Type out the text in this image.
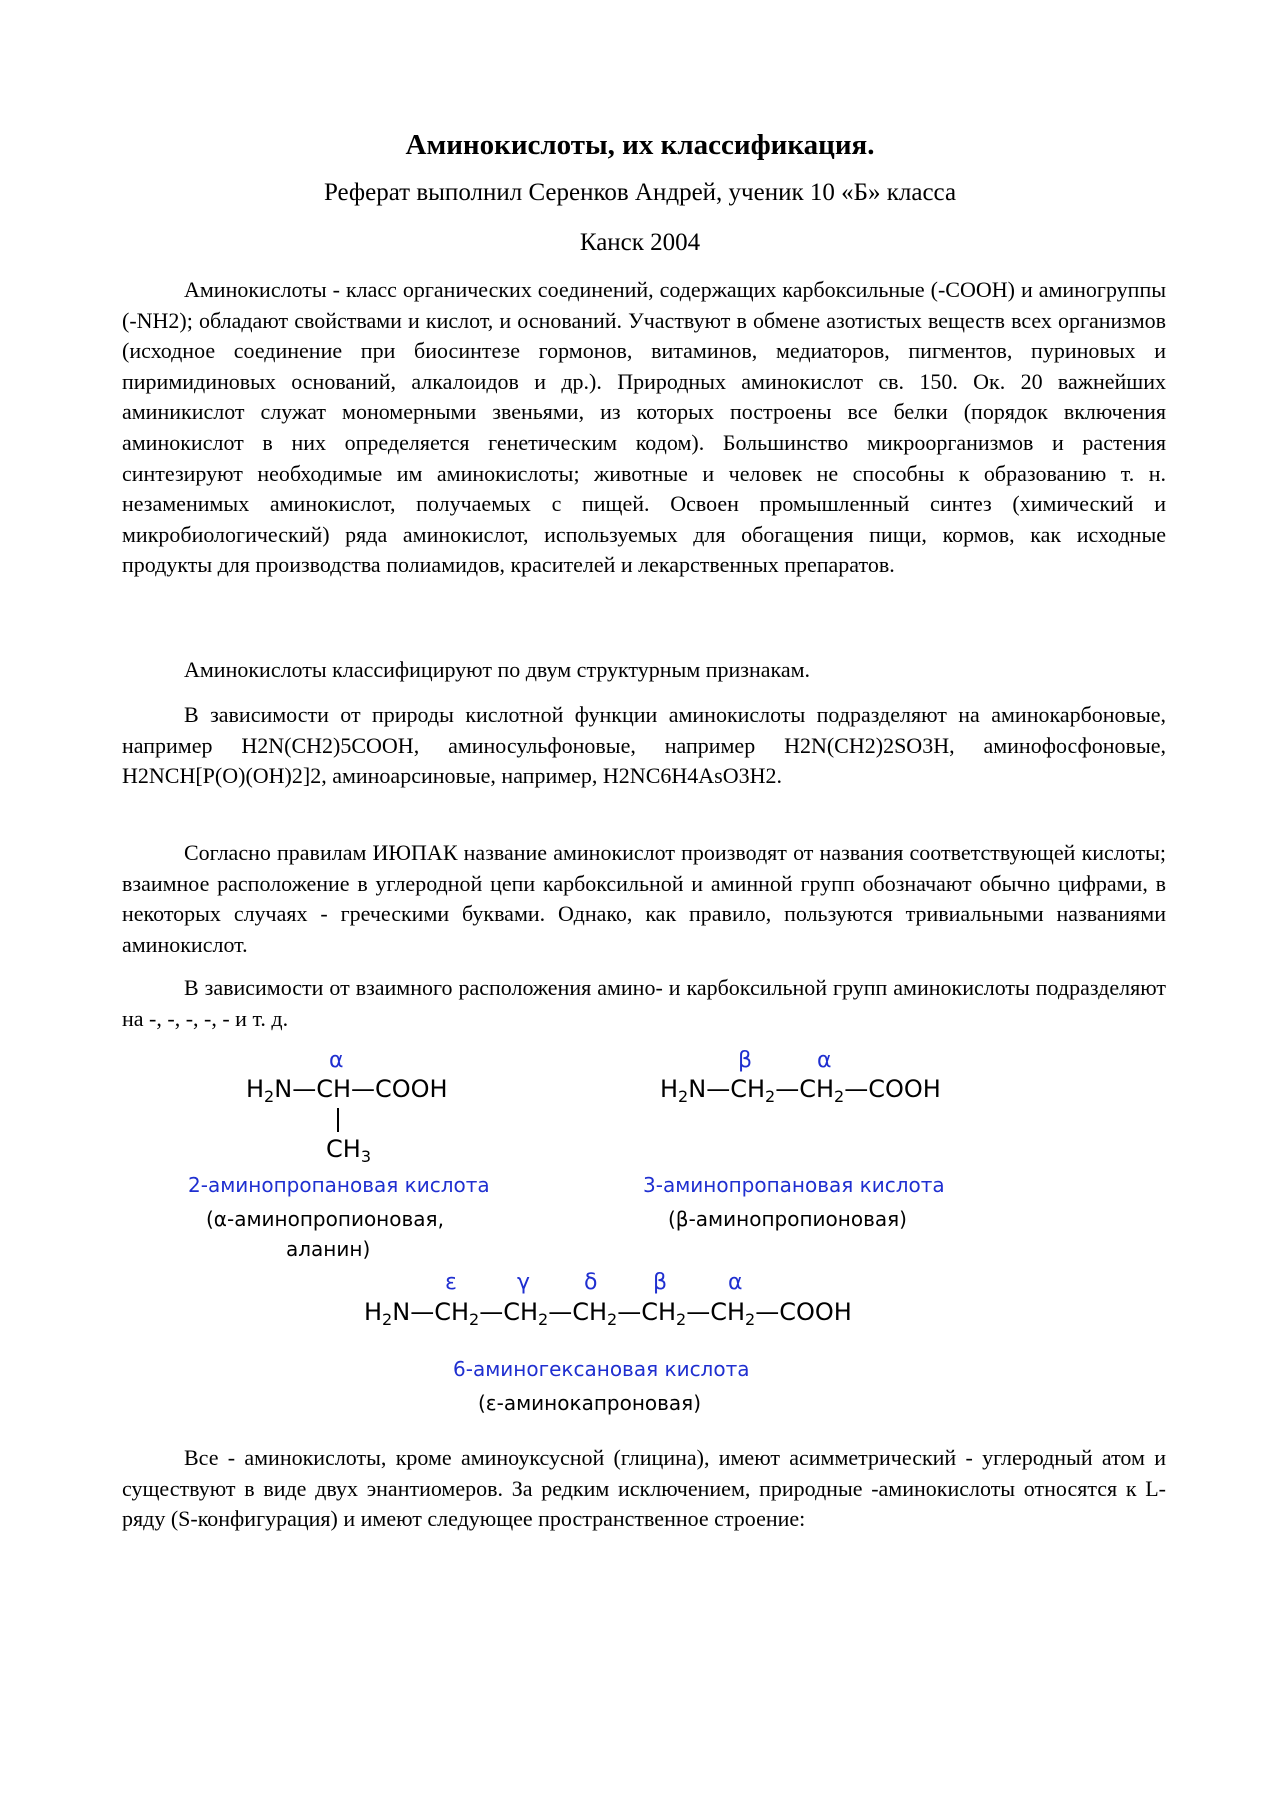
Аминокислоты, их классификация.
Реферат выполнил Серенков Андрей, ученик 10 «Б» класса
Канск 2004

Аминокислоты - класс органических соединений, содержащих карбоксильные (-COOH) и аминогруппы (-NH2); обладают свойствами и кислот, и оснований. Участвуют в обмене азотистых веществ всех организмов (исходное соединение при биосинтезе гормонов, витаминов, медиаторов, пигментов, пуриновых и пиримидиновых оснований, алкалоидов и др.). Природных аминокислот св. 150. Ок. 20 важнейших аминикислот служат мономерными звеньями, из которых построены все белки (порядок включения аминокислот в них определяется генетическим кодом). Большинство микроорганизмов и растения синтезируют необходимые им аминокислоты; животные и человек не способны к образованию т. н. незаменимых аминокислот, получаемых с пищей. Освоен промышленный синтез (химический и микробиологический) ряда аминокислот, используемых для обогащения пищи, кормов, как исходные продукты для производства полиамидов, красителей и лекарственных препаратов.

Аминокислоты классифицируют по двум структурным признакам.

В зависимости от природы кислотной функции аминокислоты подразделяют на аминокарбоновые, например H2N(CH2)5COOH, аминосульфоновые, например H2N(CH2)2SO3H, аминофосфоновые, H2NCH[P(O)(OH)2]2, аминоарсиновые, например, H2NC6H4AsO3H2.

Согласно правилам ИЮПАК название аминокислот производят от названия соответствующей кислоты; взаимное расположение в углеродной цепи карбоксильной и аминной групп обозначают обычно цифрами, в некоторых случаях - греческими буквами. Однако, как правило, пользуются тривиальными названиями аминокислот.

В зависимости от взаимного расположения амино- и карбоксильной групп аминокислоты подразделяют на -, -, -, -, - и т. д.

α
$H_2N—CH—COOH$
$CH_3$
2-аминопропановая кислота
(α-аминопропионовая,
аланин)
β	α
$H_2N—CH_2—CH_2—COOH$
3-аминопропановая кислота
(β-аминопропионовая)
ε	γ δ	β	α
$H_2N—CH_2—CH_2—CH_2—CH_2—CH_2—COOH$
6-аминогексановая кислота
(ε-аминокапроновая)

Все - аминокислоты, кроме аминоуксусной (глицина), имеют асимметрический - углеродный атом и существуют в виде двух энантиомеров. За редким исключением, природные -аминокислоты относятся к L- ряду (S-конфигурация) и имеют следующее пространственное строение:
